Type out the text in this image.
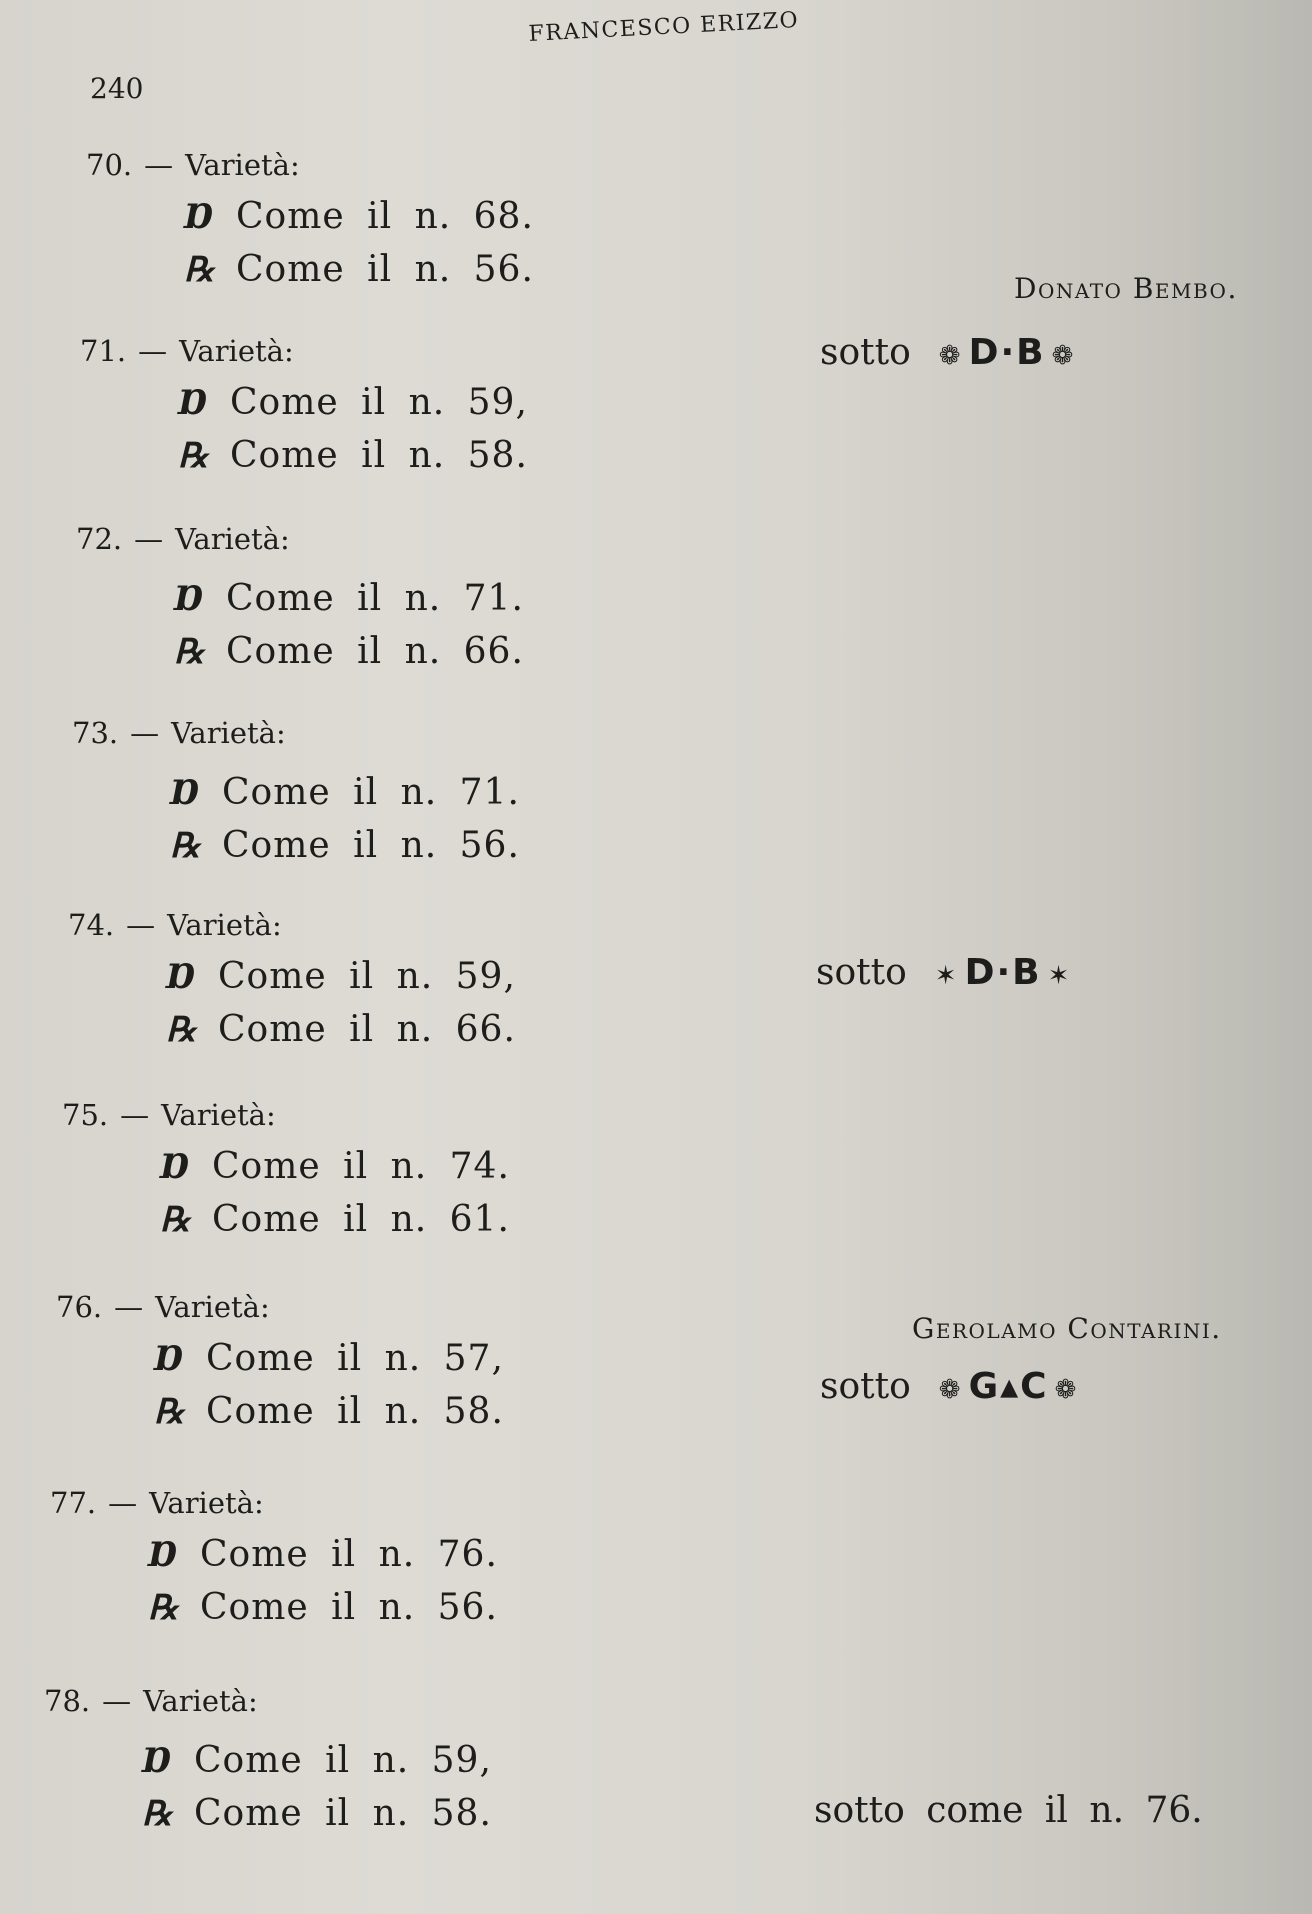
FRANCESCO ERIZZO
240
70. — Varietà:
Ɒ Come il n. 68.
℞ Come il n. 56.
71. — Varietà:
Ɒ Come il n. 59,
℞ Come il n. 58.
72. — Varietà:
Ɒ Come il n. 71.
℞ Come il n. 66.
73. — Varietà:
Ɒ Come il n. 71.
℞ Come il n. 56.
74. — Varietà:
Ɒ Come il n. 59,
℞ Come il n. 66.
75. — Varietà:
Ɒ Come il n. 74.
℞ Come il n. 61.
76. — Varietà:
Ɒ Come il n. 57,
℞ Come il n. 58.
77. — Varietà:
Ɒ Come il n. 76.
℞ Come il n. 56.
78. — Varietà:
Ɒ Come il n. 59,
℞ Come il n. 58.
Donato Bembo.
sotto ❁ D·B ❁
sotto ✶ D·B ✶
Gerolamo Contarini.
sotto ❁ G▴C ❁
sotto come il n. 76.
